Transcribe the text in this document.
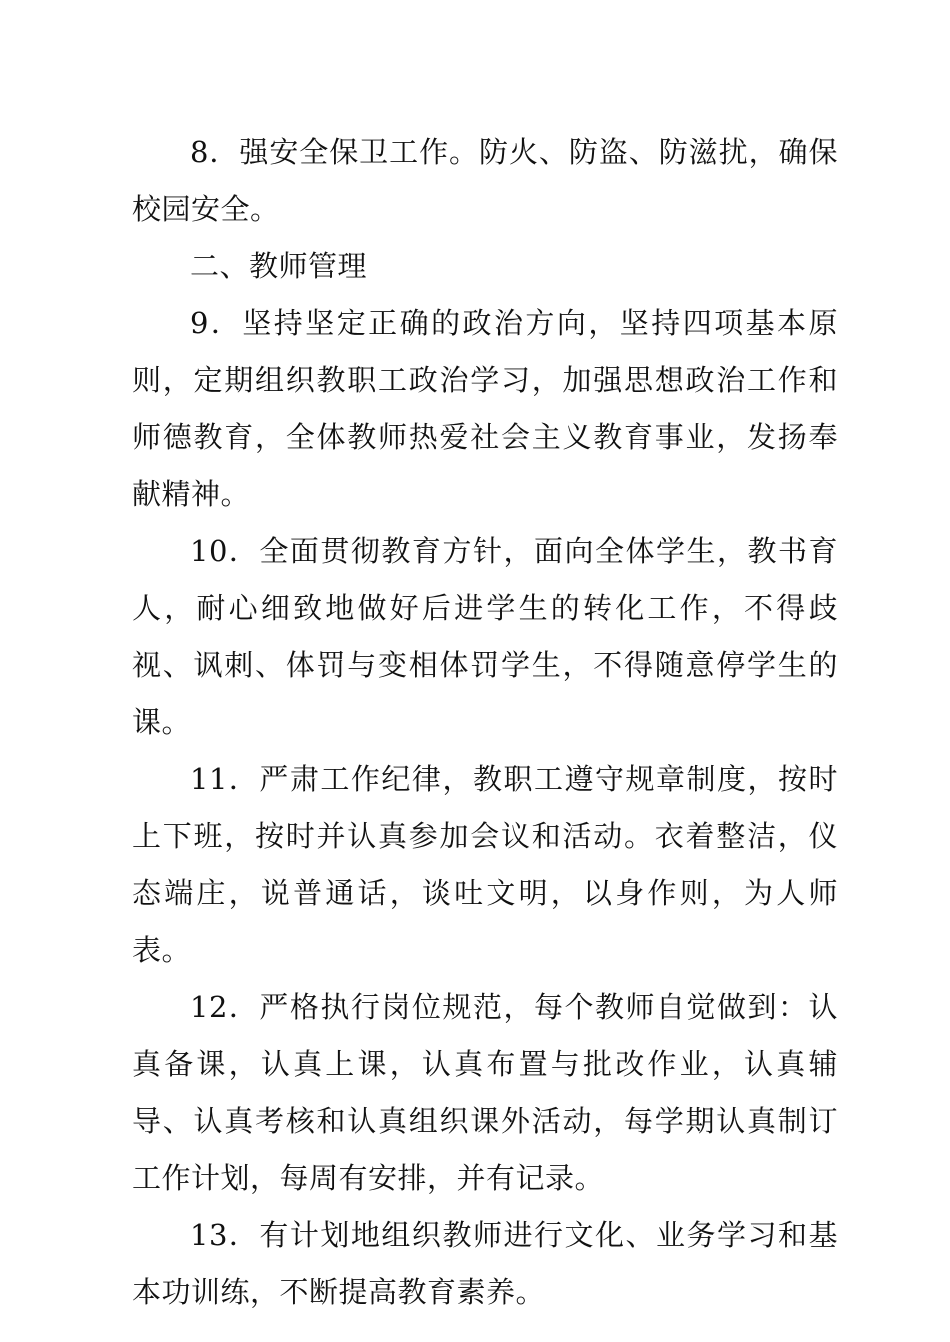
8．强安全保卫工作。防火、防盗、防滋扰，确保校园安全。

二、教师管理

9．坚持坚定正确的政治方向，坚持四项基本原则，定期组织教职工政治学习，加强思想政治工作和师德教育，全体教师热爱社会主义教育事业，发扬奉献精神。

10．全面贯彻教育方针，面向全体学生，教书育人，耐心细致地做好后进学生的转化工作，不得歧视、讽刺、体罚与变相体罚学生，不得随意停学生的课。

11．严肃工作纪律，教职工遵守规章制度，按时上下班，按时并认真参加会议和活动。衣着整洁，仪态端庄，说普通话，谈吐文明，以身作则，为人师表。

12．严格执行岗位规范，每个教师自觉做到：认真备课，认真上课，认真布置与批改作业，认真辅导、认真考核和认真组织课外活动，每学期认真制订工作计划，每周有安排，并有记录。

13．有计划地组织教师进行文化、业务学习和基本功训练，不断提高教育素养。
